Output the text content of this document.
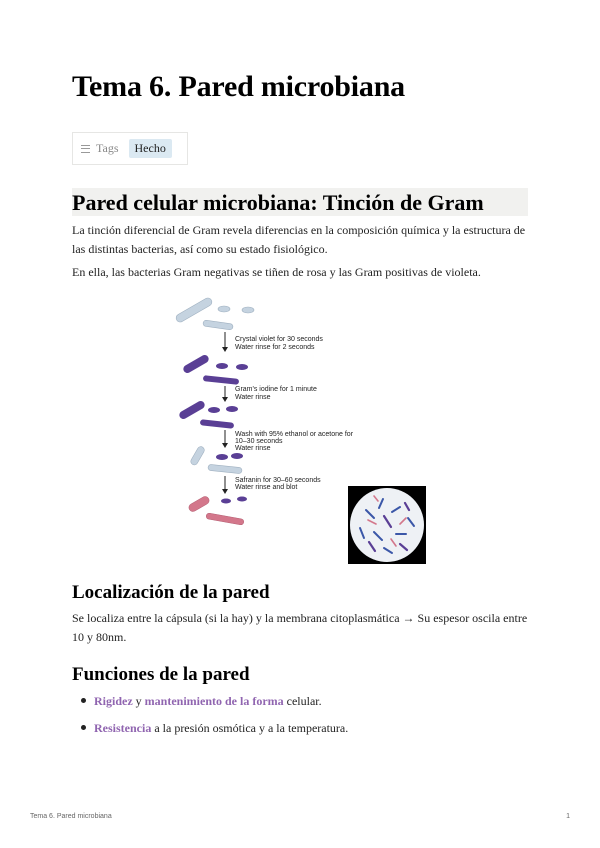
Tema 6. Pared microbiana
Tags	Hecho
Pared celular microbiana: Tinción de Gram

La tinción diferencial de Gram revela diferencias en la composición química y la estructura de las distintas bacterias, así como su estado fisiológico.

En ella, las bacterias Gram negativas se tiñen de rosa y las Gram positivas de violeta.

Crystal violet for 30 seconds
Water rinse for 2 seconds
Gram's iodine for 1 minute
Water rinse
Wash with 95% ethanol or acetone for
10–30 seconds
Water rinse
Safranin for 30–60 seconds
Water rinse and blot
Localización de la pared

Se localiza entre la cápsula (si la hay) y la membrana citoplasmática → Su espesor oscila entre 10 y 80nm.

Funciones de la pared
Rigidez y mantenimiento de la forma celular.
Resistencia a la presión osmótica y a la temperatura.
Tema 6. Pared microbiana	1
